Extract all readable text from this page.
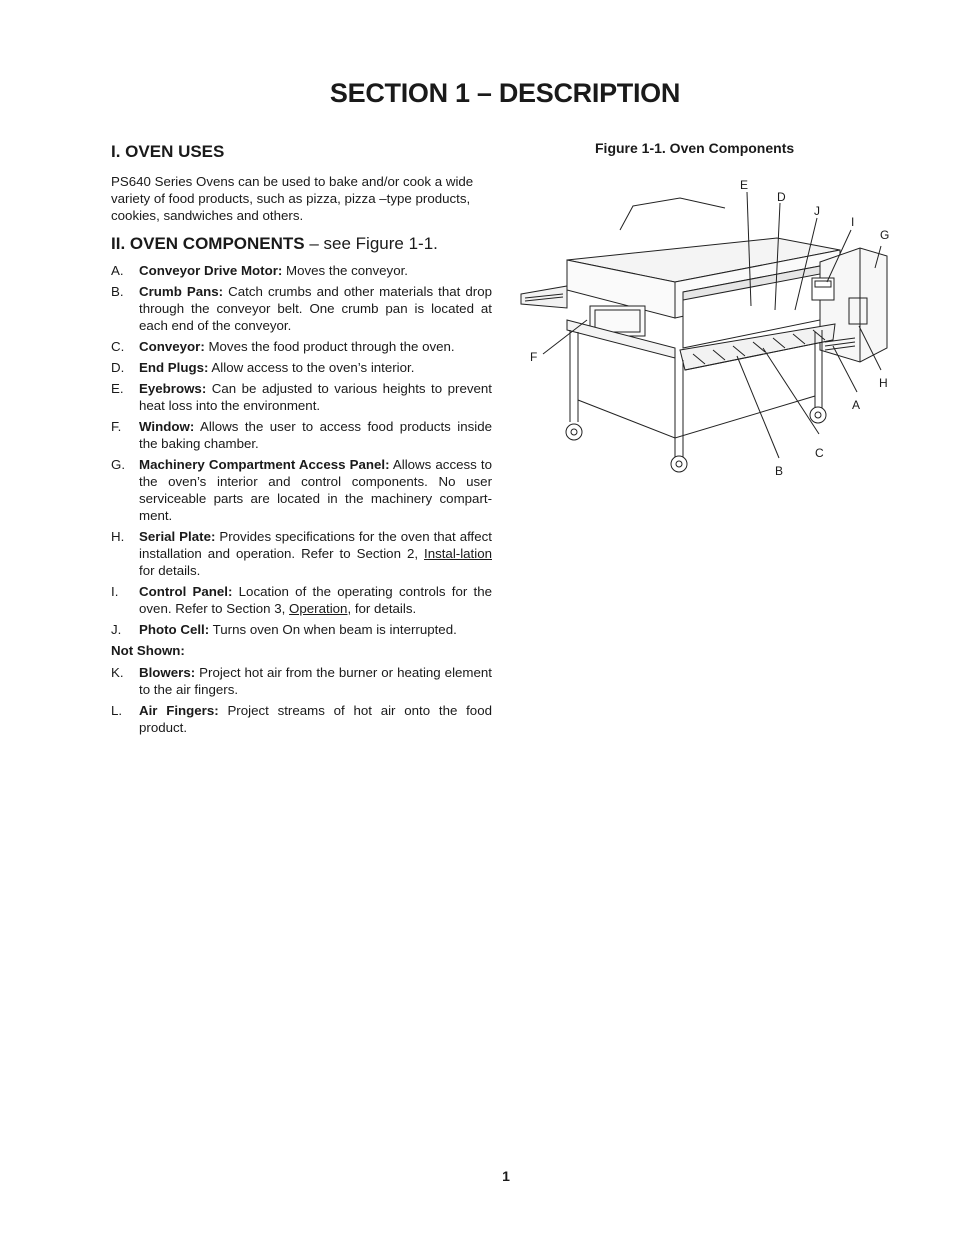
SECTION 1 – DESCRIPTION
I. OVEN USES

PS640 Series Ovens can be used to bake and/or cook a wide variety of food products, such as pizza, pizza –type products, cookies, sandwiches and others.

II. OVEN COMPONENTS – see Figure 1-1.
A.	Conveyor Drive Motor: Moves the conveyor.
B.	Crumb Pans: Catch crumbs and other materials that drop through the conveyor belt. One crumb pan is located at each end of the conveyor.
C.	Conveyor: Moves the food product through the oven.
D.	End Plugs: Allow access to the oven’s interior.
E.	Eyebrows: Can be adjusted to various heights to prevent heat loss into the environment.
F.	Window: Allows the user to access food products inside the baking chamber.
G.	Machinery Compartment Access Panel: Allows access to the oven’s interior and control components. No user serviceable parts are located in the machinery compart-ment.
H.	Serial Plate: Provides specifications for the oven that affect installation and operation. Refer to Section 2, Instal-lation for details.
I.	Control Panel: Location of the operating controls for the oven. Refer to Section 3, Operation, for details.
J.	Photo Cell: Turns oven On when beam is interrupted.

Not Shown:

K.	Blowers: Project hot air from the burner or heating element to the air fingers.
L.	Air Fingers: Project streams of hot air onto the food product.

Figure 1-1. Oven Components

E
D
J
I
G
F
H
A
C
B
1
